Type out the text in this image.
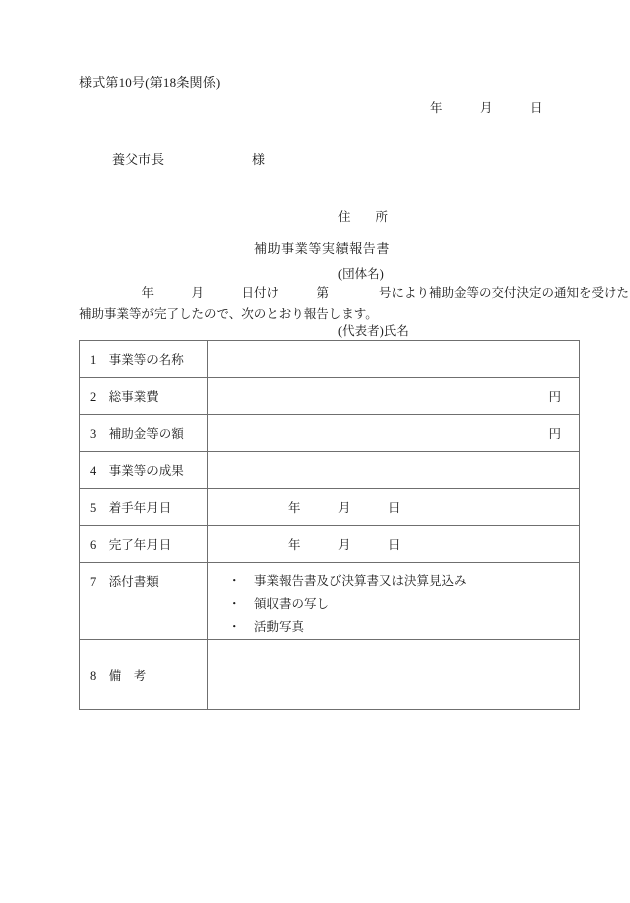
様式第10号(第18条関係)
年　　　月　　　日

養父市長	様

住　　所

(団体名)

(代表者)氏名

補助事業等実績報告書
　　　　　年　　　月　　　日付け　　　第　　　　号により補助金等の交付決定の通知を受けた
補助事業等が完了したので、次のとおり報告します。
1　事業等の名称	
2　総事業費	円

3　補助金等の額	円

4　事業等の成果	
5　着手年月日	年　　　月　　　日

6　完了年月日	年　　　月　　　日

7　添付書類	・ 事業報告書及び決算書又は決算見込み
・ 領収書の写し
・ 活動写真

8　備　考	
